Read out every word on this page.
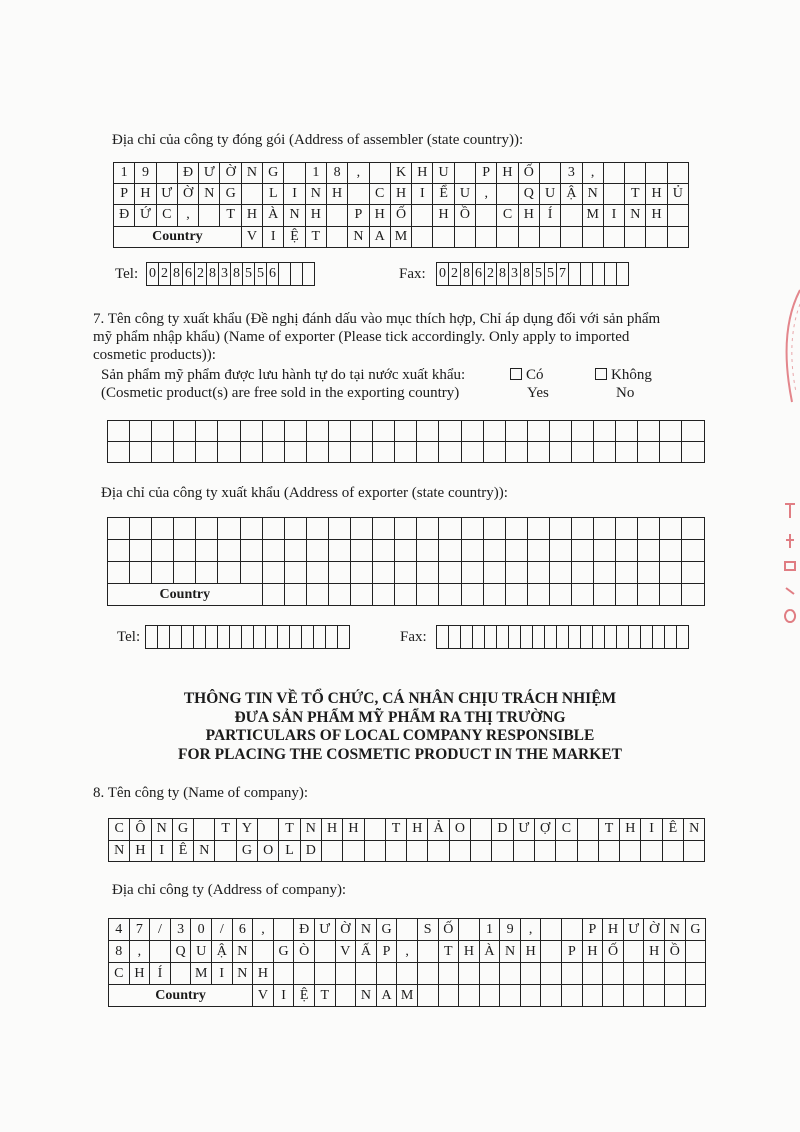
Địa chỉ của công ty đóng gói (Address of assembler (state country)):
1	9	Đ Ư Ờ N G	1	8	,	K H U	P H Ố	3	,
P H Ư Ờ N G	L	I N H	C H I	Ể U	,	Q U Ậ N	T H Ủ
Đ Ứ C	,	T H À N H	P H Ố	H Ồ	C H Í	M I N H
Country	V I	Ệ T	N A M
Tel: 0 2 8 6 2 8 3 8 5 5 6	Fax: 0 2 8 6 2 8 3 8 5 5 7
7. Tên công ty xuất khẩu (Đề nghị đánh dấu vào mục thích hợp, Chỉ áp dụng đối với sản phẩm
mỹ phẩm nhập khẩu) (Name of exporter (Please tick accordingly. Only apply to imported
cosmetic products)):
Sản phẩm mỹ phẩm được lưu hành tự do tại nước xuất khẩu:
(Cosmetic product(s) are free sold in the exporting country)
Có
Yes
Không
No
Địa chỉ của công ty xuất khẩu (Address of exporter (state country)):
Country
Tel:	Fax:
THÔNG TIN VỀ TỔ CHỨC, CÁ NHÂN CHỊU TRÁCH NHIỆM
ĐƯA SẢN PHẨM MỸ PHẨM RA THỊ TRƯỜNG
PARTICULARS OF LOCAL COMPANY RESPONSIBLE
FOR PLACING THE COSMETIC PRODUCT IN THE MARKET
8. Tên công ty (Name of company):
C Ô N G	T Y	T N H H	T H Ả O	D Ư Ợ C	T H I	Ê N
N H I	Ê N	G O L D
Địa chỉ công ty (Address of company):
4 7	/	3 0	/	6	,	Đ Ư Ờ N G	S Ố	1 9	,	P H Ư Ờ N G
8	,	Q U Ậ N	G Ò	V Ấ P	,	T H À N H	P H Ố	H Ồ
C H Í	M I N H
Country	V I Ệ T	N A M
